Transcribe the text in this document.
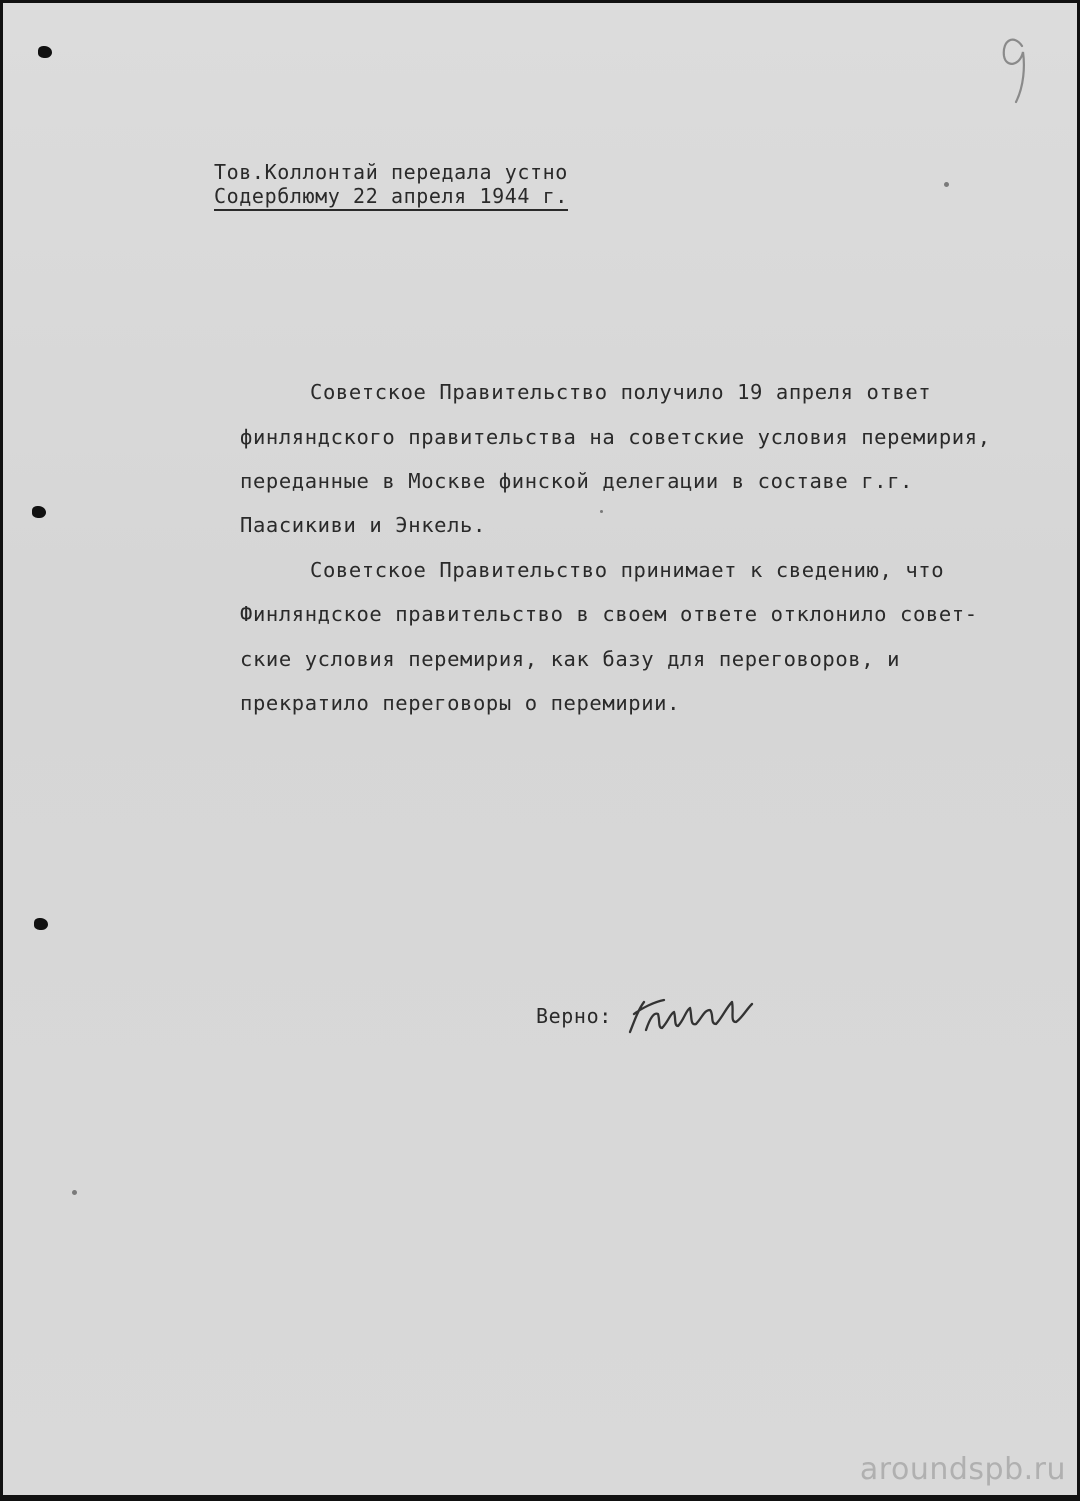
Тов.Коллонтай передала устно
Содерблюму 22 апреля 1944 г.
Советское Правительство получило 19 апреля ответ
финляндского правительства на советские условия перемирия,
переданные в Москве финской делегации в составе г.г.
Паасикиви и Энкель.
Советское Правительство принимает к сведению, что
Финляндское правительство в своем ответе отклонило совет-
ские условия перемирия, как базу для переговоров, и
прекратило переговоры о перемирии.
Верно:
aroundspb.ru
